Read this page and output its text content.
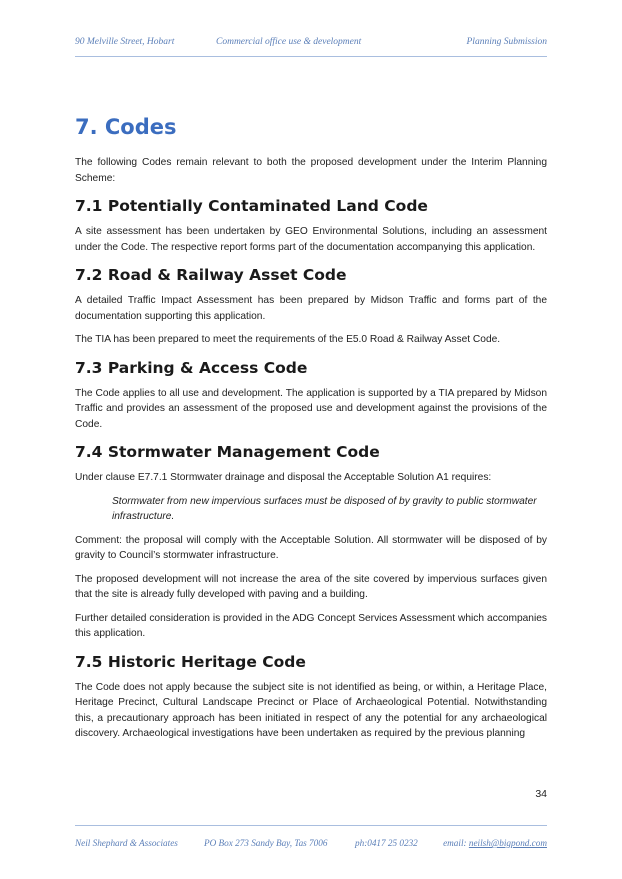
90 Melville Street, Hobart	Commercial office use & development	Planning Submission
7. Codes

The following Codes remain relevant to both the proposed development under the Interim Planning Scheme:

7.1 Potentially Contaminated Land Code

A site assessment has been undertaken by GEO Environmental Solutions, including an assessment under the Code. The respective report forms part of the documentation accompanying this application.

7.2 Road & Railway Asset Code

A detailed Traffic Impact Assessment has been prepared by Midson Traffic and forms part of the documentation supporting this application.

The TIA has been prepared to meet the requirements of the E5.0 Road & Railway Asset Code.

7.3 Parking & Access Code

The Code applies to all use and development. The application is supported by a TIA prepared by Midson Traffic and provides an assessment of the proposed use and development against the provisions of the Code.

7.4 Stormwater Management Code

Under clause E7.7.1 Stormwater drainage and disposal the Acceptable Solution A1 requires:

Stormwater from new impervious surfaces must be disposed of by gravity to public stormwater infrastructure.

Comment: the proposal will comply with the Acceptable Solution. All stormwater will be disposed of by gravity to Council’s stormwater infrastructure.

The proposed development will not increase the area of the site covered by impervious surfaces given that the site is already fully developed with paving and a building.

Further detailed consideration is provided in the ADG Concept Services Assessment which accompanies this application.

7.5 Historic Heritage Code

The Code does not apply because the subject site is not identified as being, or within, a Heritage Place, Heritage Precinct, Cultural Landscape Precinct or Place of Archaeological Potential. Notwithstanding this, a precautionary approach has been initiated in respect of any the potential for any archaeological discovery. Archaeological investigations have been undertaken as required by the previous planning

34
Neil Shephard & Associates	PO Box 273 Sandy Bay, Tas 7006	ph:0417 25 0232	email: neilsh@bigpond.com
